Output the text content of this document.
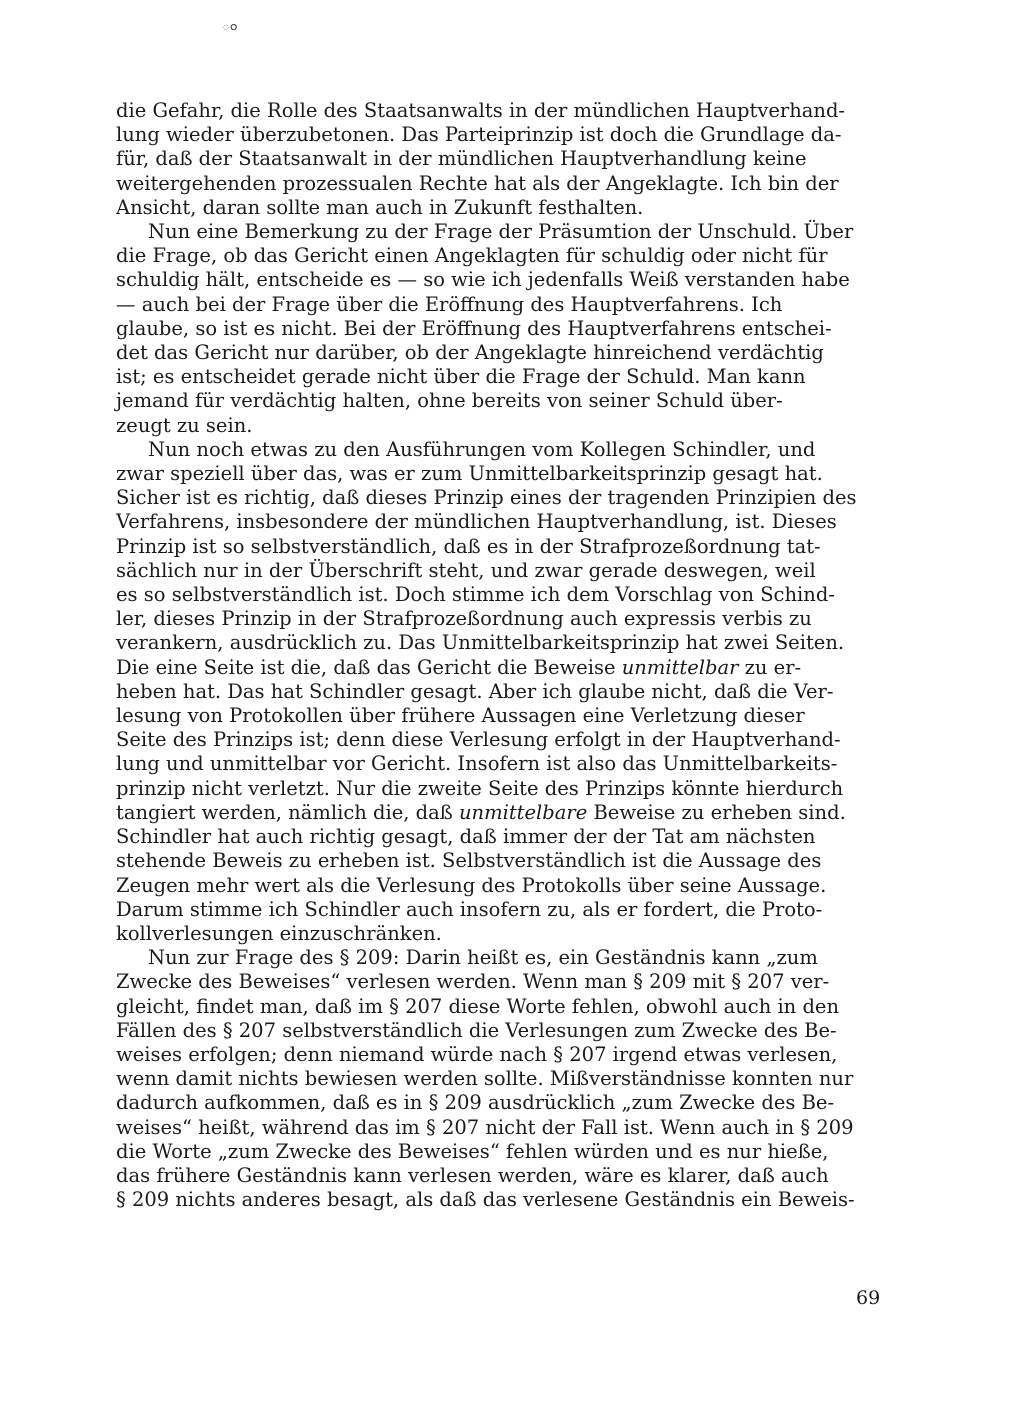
ం

die Gefahr, die Rolle des Staatsanwalts in der mündlichen Hauptverhand-
lung wieder überzubetonen. Das Parteiprinzip ist doch die Grundlage da-
für, daß der Staatsanwalt in der mündlichen Hauptverhandlung keine
weitergehenden prozessualen Rechte hat als der Angeklagte. Ich bin der
Ansicht, daran sollte man auch in Zukunft festhalten.

Nun eine Bemerkung zu der Frage der Präsumtion der Unschuld. Über
die Frage, ob das Gericht einen Angeklagten für schuldig oder nicht für
schuldig hält, entscheide es — so wie ich jedenfalls Weiß verstanden habe
— auch bei der Frage über die Eröffnung des Hauptverfahrens. Ich
glaube, so ist es nicht. Bei der Eröffnung des Hauptverfahrens entschei-
det das Gericht nur darüber, ob der Angeklagte hinreichend verdächtig
ist; es entscheidet gerade nicht über die Frage der Schuld. Man kann
jemand für verdächtig halten, ohne bereits von seiner Schuld über-
zeugt zu sein.

Nun noch etwas zu den Ausführungen vom Kollegen Schindler, und
zwar speziell über das, was er zum Unmittelbarkeitsprinzip gesagt hat.
Sicher ist es richtig, daß dieses Prinzip eines der tragenden Prinzipien des
Verfahrens, insbesondere der mündlichen Hauptverhandlung, ist. Dieses
Prinzip ist so selbstverständlich, daß es in der Strafprozeßordnung tat-
sächlich nur in der Überschrift steht, und zwar gerade deswegen, weil
es so selbstverständlich ist. Doch stimme ich dem Vorschlag von Schind-
ler, dieses Prinzip in der Strafprozeßordnung auch expressis verbis zu
verankern, ausdrücklich zu. Das Unmittelbarkeitsprinzip hat zwei Seiten.
Die eine Seite ist die, daß das Gericht die Beweise unmittelbar zu er-
heben hat. Das hat Schindler gesagt. Aber ich glaube nicht, daß die Ver-
lesung von Protokollen über frühere Aussagen eine Verletzung dieser
Seite des Prinzips ist; denn diese Verlesung erfolgt in der Hauptverhand-
lung und unmittelbar vor Gericht. Insofern ist also das Unmittelbarkeits-
prinzip nicht verletzt. Nur die zweite Seite des Prinzips könnte hierdurch
tangiert werden, nämlich die, daß unmittelbare Beweise zu erheben sind.
Schindler hat auch richtig gesagt, daß immer der der Tat am nächsten
stehende Beweis zu erheben ist. Selbstverständlich ist die Aussage des
Zeugen mehr wert als die Verlesung des Protokolls über seine Aussage.
Darum stimme ich Schindler auch insofern zu, als er fordert, die Proto-
kollverlesungen einzuschränken.

Nun zur Frage des § 209: Darin heißt es, ein Geständnis kann „zum
Zwecke des Beweises“ verlesen werden. Wenn man § 209 mit § 207 ver-
gleicht, findet man, daß im § 207 diese Worte fehlen, obwohl auch in den
Fällen des § 207 selbstverständlich die Verlesungen zum Zwecke des Be-
weises erfolgen; denn niemand würde nach § 207 irgend etwas verlesen,
wenn damit nichts bewiesen werden sollte. Mißverständnisse konnten nur
dadurch aufkommen, daß es in § 209 ausdrücklich „zum Zwecke des Be-
weises“ heißt, während das im § 207 nicht der Fall ist. Wenn auch in § 209
die Worte „zum Zwecke des Beweises“ fehlen würden und es nur hieße,
das frühere Geständnis kann verlesen werden, wäre es klarer, daß auch
§ 209 nichts anderes besagt, als daß das verlesene Geständnis ein Beweis-

69
